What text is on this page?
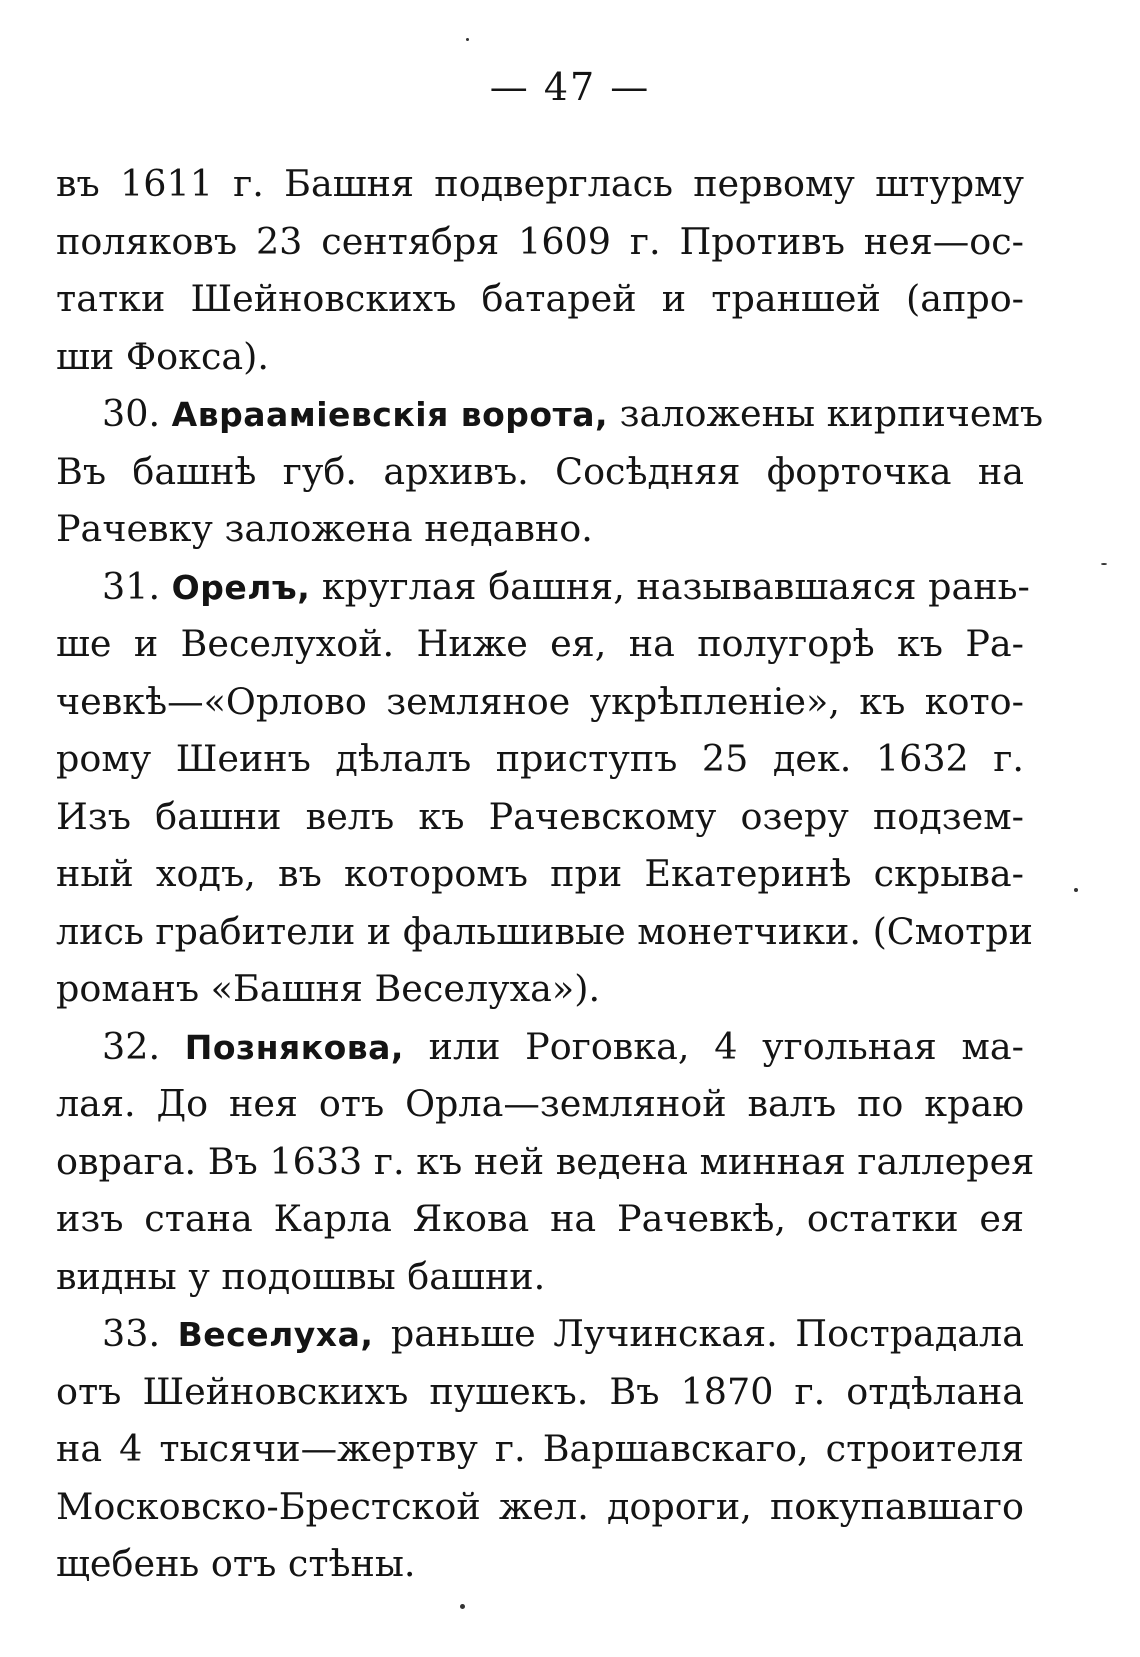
— 47 —
въ 1611 г. Башня подверглась первому штурму
поляковъ 23 сентября 1609 г. Противъ нея—ос-
татки Шейновскихъ батарей и траншей (апро-
ши Фокса).
30. Авраамiевскiя ворота, заложены кирпичемъ
Въ башнѣ губ. архивъ. Сосѣдняя форточка на
Рачевку заложена недавно.
31. Орелъ, круглая башня, называвшаяся рань-
ше и Веселухой. Ниже ея, на полугорѣ къ Ра-
чевкѣ—«Орлово земляное укрѣпленiе», къ кото-
рому Шеинъ дѣлалъ приступъ 25 дек. 1632 г.
Изъ башни велъ къ Рачевскому озеру подзем-
ный ходъ, въ которомъ при Екатеринѣ скрыва-
лись грабители и фальшивые монетчики. (Смотри
романъ «Башня Веселуха»).
32. Познякова, или Роговка, 4 угольная ма-
лая. До нея отъ Орла—земляной валъ по краю
оврага. Въ 1633 г. къ ней ведена минная галлерея
изъ стана Карла Якова на Рачевкѣ, остатки ея
видны у подошвы башни.
33. Веселуха, раньше Лучинская. Пострадала
отъ Шейновскихъ пушекъ. Въ 1870 г. отдѣлана
на 4 тысячи—жертву г. Варшавскаго, строителя
Московско-Брестской жел. дороги, покупавшаго
щебень отъ стѣны.
